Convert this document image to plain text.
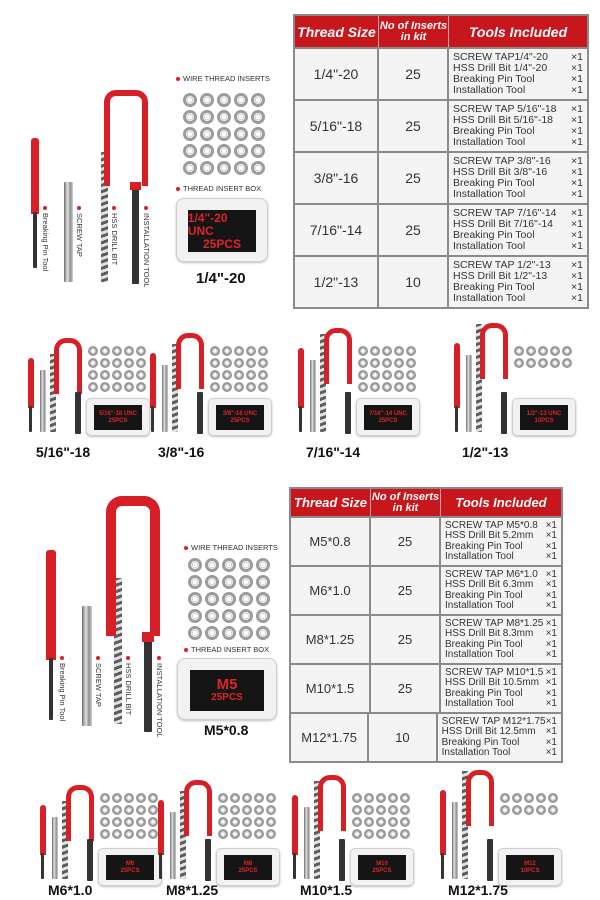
Breaking Pin Tool	SCREW TAP	HSS DRILL BIT	INSTALLATION TOOL
WIRE THREAD INSERTS
THREAD INSERT BOX
1/4"-20 UNC
25PCS
1/4"-20
Thread Size No of Inserts in kit	Tools Included
1/4"-20	25
SCREW TAP1/4"-20 ×1
HSS Drill Bit 1/4"-20 ×1
Breaking Pin Tool	×1
Installation Tool	×1
5/16"-18	25
SCREW TAP 5/16"-18 ×1
HSS Drill Bit 5/16"-18 ×1
Breaking Pin Tool	×1
Installation Tool	×1
3/8"-16	25
SCREW TAP 3/8"-16 ×1
HSS Drill Bit 3/8"-16 ×1
Breaking Pin Tool	×1
Installation Tool	×1
7/16"-14	25
SCREW TAP 7/16"-14 ×1
HSS Drill Bit 7/16"-14 ×1
Breaking Pin Tool	×1
Installation Tool	×1
1/2"-13	10
SCREW TAP 1/2"-13 ×1
HSS Drill Bit 1/2"-13 ×1
Breaking Pin Tool	×1
Installation Tool	×1
5/16"-18 UNC
25PCS
5/16"-18
3/8"-16 UNC
25PCS
3/8"-16
7/16"-14 UNC
25PCS
7/16"-14
1/2"-13 UNC
10PCS
1/2"-13
Breaking Pin Tool	SCREW TAP	HSS DRILL BIT	INSTALLATION TOOL
WIRE THREAD INSERTS
THREAD INSERT BOX
M5
25PCS
M5*0.8
Thread Size No of Inserts in kit	Tools Included
M5*0.8	25
SCREW TAP M5*0.8 ×1
HSS Drill Bit 5.2mm ×1
Breaking Pin Tool ×1
Installation Tool	×1
M6*1.0	25
SCREW TAP M6*1.0 ×1
HSS Drill Bit 6.3mm ×1
Breaking Pin Tool ×1
Installation Tool	×1
M8*1.25	25
SCREW TAP M8*1.25 ×1
HSS Drill Bit 8.3mm ×1
Breaking Pin Tool ×1
Installation Tool	×1
M10*1.5	25
SCREW TAP M10*1.5 ×1
HSS Drill Bit 10.5mm ×1
Breaking Pin Tool ×1
Installation Tool	×1
M12*1.75	10
SCREW TAP M12*1.75 ×1
HSS Drill Bit 12.5mm ×1
Breaking Pin Tool	×1
Installation Tool	×1
M6
25PCS
M6*1.0
M8
25PCS
M8*1.25
M10
25PCS
M10*1.5
M12
10PCS
M12*1.75
